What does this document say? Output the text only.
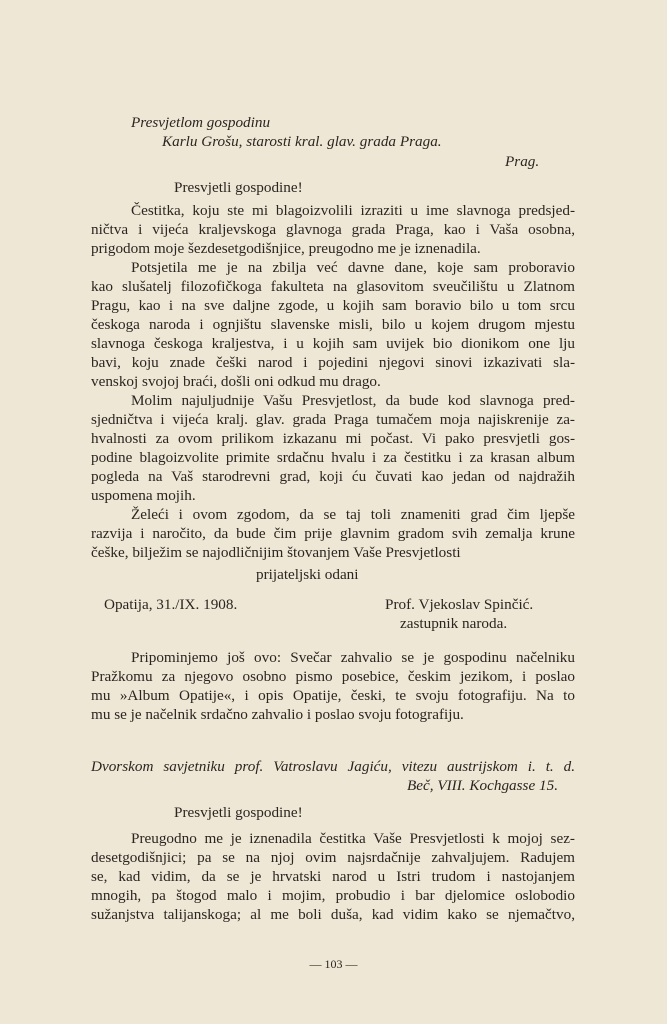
Presvjetlom gospodinu
Karlu Grošu, starosti kral. glav. grada Praga.
Prag.
Presvjetli gospodine!
Čestitka, koju ste mi blagoizvolili izraziti u ime slavnoga predsjed-
ničtva i vijeća kraljevskoga glavnoga grada Praga, kao i Vaša osobna,
prigodom moje šezdesetgodišnjice, preugodno me je iznenadila.
Potsjetila me je na zbilja već davne dane, koje sam proboravio
kao slušatelj filozofičkoga fakulteta na glasovitom sveučilištu u Zlatnom
Pragu, kao i na sve daljne zgode, u kojih sam boravio bilo u tom srcu
českoga naroda i ognjištu slavenske misli, bilo u kojem drugom mjestu
slavnoga českoga kraljestva, i u kojih sam uvijek bio dionikom one lju
bavi, koju znade češki narod i pojedini njegovi sinovi izkazivati sla-
venskoj svojoj braći, došli oni odkud mu drago.
Molim najuljudnije Vašu Presvjetlost, da bude kod slavnoga pred-
sjedničtva i vijeća kralj. glav. grada Praga tumačem moja najiskrenije za-
hvalnosti za ovom prilikom izkazanu mi počast. Vi pako presvjetli gos-
podine blagoizvolite primite srdačnu hvalu i za čestitku i za krasan album
pogleda na Vaš starodrevni grad, koji ću čuvati kao jedan od najdražih
uspomena mojih.
Želeći i ovom zgodom, da se taj toli znameniti grad čim ljepše
razvija i naročito, da bude čim prije glavnim gradom svih zemalja krune
češke, bilježim se najodličnijim štovanjem Vaše Presvjetlosti
prijateljski odani
Opatija, 31./IX. 1908.	Prof. Vjekoslav Spinčić.
zastupnik naroda.
Pripominjemo još ovo: Svečar zahvalio se je gospodinu načelniku
Pražkomu za njegovo osobno pismo posebice, českim jezikom, i poslao
mu »Album Opatije«, i opis Opatije, česki, te svoju fotografiju. Na to
mu se je načelnik srdačno zahvalio i poslao svoju fotografiju.
Dvorskom savjetniku prof. Vatroslavu Jagiću, vitezu austrijskom i. t. d.
Beč, VIII. Kochgasse 15.
Presvjetli gospodine!
Preugodno me je iznenadila čestitka Vaše Presvjetlosti k mojoj sez-
desetgodišnjici; pa se na njoj ovim najsrdačnije zahvaljujem. Radujem
se, kad vidim, da se je hrvatski narod u Istri trudom i nastojanjem
mnogih, pa štogod malo i mojim, probudio i bar djelomice oslobodio
sužanjstva talijanskoga; al me boli duša, kad vidim kako se njemačtvo,
— 103 —
